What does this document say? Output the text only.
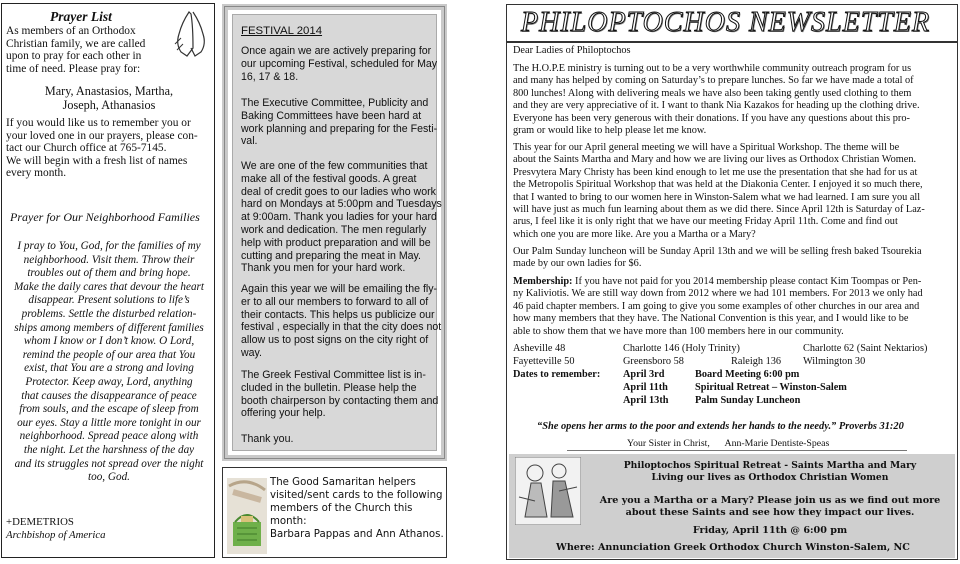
Prayer List

As members of an Orthodox
Christian family, we are called
upon to pray for each other in
time of need. Please pray for:

Mary, Anastasios, Martha,
Joseph, Athanasios

If you would like us to remember you or
your loved one in our prayers, please con-
tact our Church office at 765-7145.
We will begin with a fresh list of names
every month.

Prayer for Our Neighborhood Families

I pray to You, God, for the families of my
neighborhood. Visit them. Throw their
troubles out of them and bring hope.
Make the daily cares that devour the heart
disappear. Present solutions to life’s
problems. Settle the disturbed relation-
ships among members of different families
whom I know or I don’t know. O Lord,
remind the people of our area that You
exist, that You are a strong and loving
Protector. Keep away, Lord, anything
that causes the disappearance of peace
from souls, and the escape of sleep from
our eyes. Stay a little more tonight in our
neighborhood. Spread peace along with
the night. Let the harshness of the day
and its struggles not spread over the night
too, God.

+DEMETRIOS
Archbishop of America
FESTIVAL 2014

Once again we are actively preparing for
our upcoming Festival, scheduled for May
16, 17 & 18.

The Executive Committee, Publicity and
Baking Committees have been hard at
work planning and preparing for the Festi-
val.

We are one of the few communities that
make all of the festival goods. A great
deal of credit goes to our ladies who work
hard on Mondays at 5:00pm and Tuesdays
at 9:00am. Thank you ladies for your hard
work and dedication. The men regularly
help with product preparation and will be
cutting and preparing the meat in May.
Thank you men for your hard work.

Again this year we will be emailing the fly-
er to all our members to forward to all of
their contacts. This helps us publicize our
festival , especially in that the city does not
allow us to post signs on the city right of
way.

The Greek Festival Committee list is in-
cluded in the bulletin. Please help the
booth chairperson by contacting them and
offering your help.

Thank you.

The Good Samaritan helpers
visited/sent cards to the following
members of the Church this
month:
Barbara Pappas and Ann Athanos.

PHILOPTOCHOS NEWSLETTER

Dear Ladies of Philoptochos

The H.O.P.E ministry is turning out to be a very worthwhile community outreach program for us
and many has helped by coming on Saturday’s to prepare lunches. So far we have made a total of
800 lunches! Along with delivering meals we have also been taking gently used clothing to them
and they are very appreciative of it. I want to thank Nia Kazakos for heading up the clothing drive.
Everyone has been very generous with their donations. If you have any questions about this pro-
gram or would like to help please let me know.

This year for our April general meeting we will have a Spiritual Workshop. The theme will be
about the Saints Martha and Mary and how we are living our lives as Orthodox Christian Women.
Presvytera Mary Christy has been kind enough to let me use the presentation that she had for us at
the Metropolis Spiritual Workshop that was held at the Diakonia Center. I enjoyed it so much there,
that I wanted to bring to our women here in Winston-Salem what we had learned. I am sure you all
will have just as much fun learning about them as we did there. Since April 12th is Saturday of Laz-
arus, I feel like it is only right that we have our meeting Friday April 11th. Come and find out
which one you are more like. Are you a Martha or a Mary?

Our Palm Sunday luncheon will be Sunday April 13th and we will be selling fresh baked Tsourekia
made by our own ladies for $6.

Membership: If you have not paid for you 2014 membership please contact Kim Toompas or Pen-
ny Kaliviotis. We are still way down from 2012 where we had 101 members. For 2013 we only had
46 paid chapter members. I am going to give you some examples of other churches in our area and
how many members that they have. The National Convention is this year, and I would like to be
able to show them that we have more than 100 members here in our community.

Asheville 48	Charlotte 146 (Holy Trinity)	Charlotte 62 (Saint Nektarios)
Fayetteville 50	Greensboro 58	Raleigh 136 Wilmington 30
Dates to remember: April 3rd	Board Meeting 6:00 pm
April 11th	Spiritual Retreat – Winston-Salem
April 13th	Palm Sunday Luncheon
“She opens her arms to the poor and extends her hands to the needy.” Proverbs 31:20
Your Sister in Christ, Ann-Marie Dentiste-Speas
Philoptochos Spiritual Retreat - Saints Martha and Mary
Living our lives as Orthodox Christian Women
Are you a Martha or a Mary? Please join us as we find out more
about these Saints and see how they impact our lives.
Friday, April 11th @ 6:00 pm
Where: Annunciation Greek Orthodox Church Winston-Salem, NC
